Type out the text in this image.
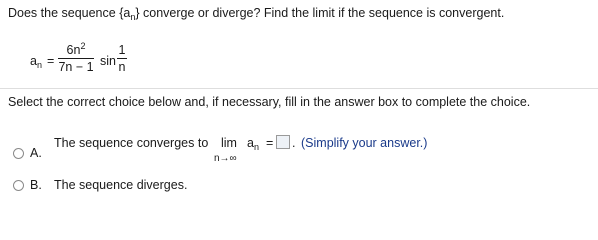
Does the sequence $\{a_n\}$ converge or diverge? Find the limit if the sequence is convergent.
$a_n$ =
$6n^2$
7n − 1 sin
1
n
Select the correct choice below and, if necessary, fill in the answer box to complete the choice.
A.
The sequence converges to lim
n→∞
$a_n$ = . (Simplify your answer.)
B. The sequence diverges.
